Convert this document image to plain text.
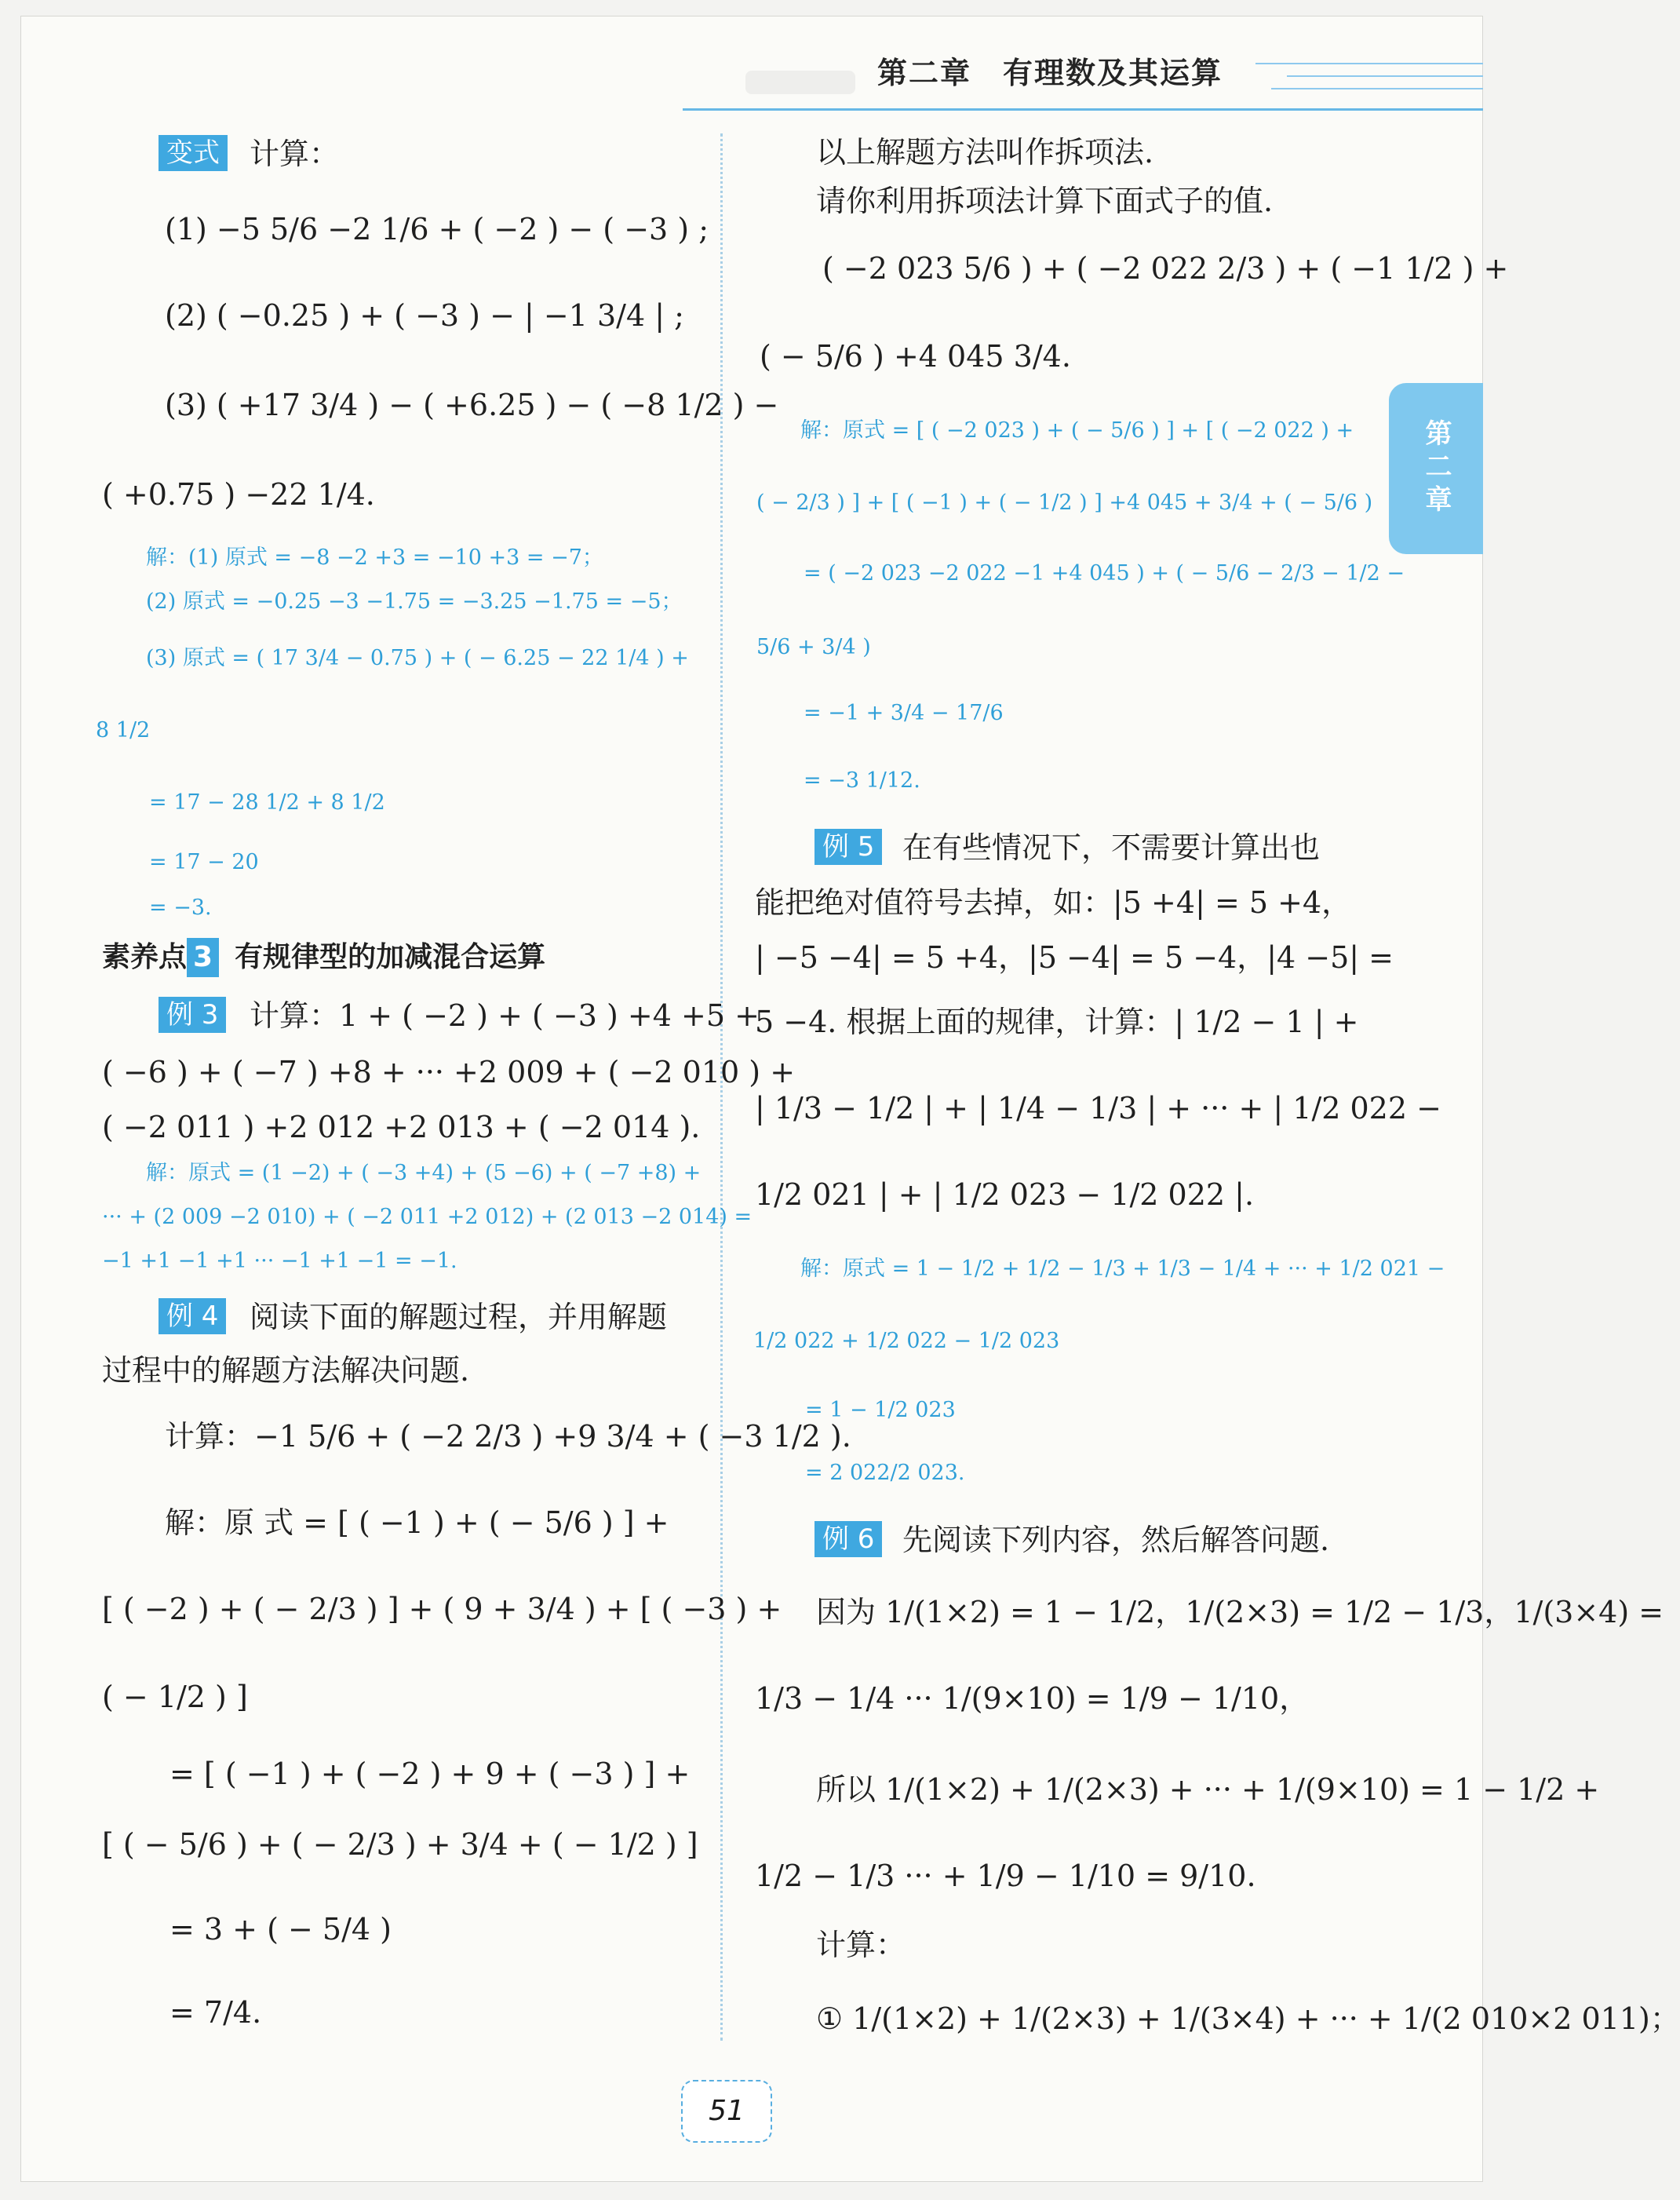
第二章　有理数及其运算
第二章
变式 计算：
(1) −5 5/6 −2 1/6 + ( −2 ) − ( −3 ) ;
(2) ( −0.25 ) + ( −3 ) − | −1 3/4 | ;
(3) ( +17 3/4 ) − ( +6.25 ) − ( −8 1/2 ) −
( +0.75 ) −22 1/4.
解：(1) 原式 = −8 −2 +3 = −10 +3 = −7；
(2) 原式 = −0.25 −3 −1.75 = −3.25 −1.75 = −5；
(3) 原式 = ( 17 3/4 − 0.75 ) + ( − 6.25 − 22 1/4 ) +
8 1/2
= 17 − 28 1/2 + 8 1/2
= 17 − 20
= −3.
素养点 3 有规律型的加减混合运算
例 3 计算：1 + ( −2 ) + ( −3 ) +4 +5 +
( −6 ) + ( −7 ) +8 + ··· +2 009 + ( −2 010 ) +
( −2 011 ) +2 012 +2 013 + ( −2 014 ).
解：原式 = (1 −2) + ( −3 +4) + (5 −6) + ( −7 +8) +
··· + (2 009 −2 010) + ( −2 011 +2 012) + (2 013 −2 014) =
−1 +1 −1 +1 ··· −1 +1 −1 = −1.
例 4 阅读下面的解题过程，并用解题
过程中的解题方法解决问题.
计算：−1 5/6 + ( −2 2/3 ) +9 3/4 + ( −3 1/2 ).
解：原 式 = [ ( −1 ) + ( − 5/6 ) ] +
[ ( −2 ) + ( − 2/3 ) ] + ( 9 + 3/4 ) + [ ( −3 ) +
( − 1/2 ) ]
= [ ( −1 ) + ( −2 ) + 9 + ( −3 ) ] +
[ ( − 5/6 ) + ( − 2/3 ) + 3/4 + ( − 1/2 ) ]
= 3 + ( − 5/4 )
= 7/4.
以上解题方法叫作拆项法.
请你利用拆项法计算下面式子的值.
( −2 023 5/6 ) + ( −2 022 2/3 ) + ( −1 1/2 ) +
( − 5/6 ) +4 045 3/4.
解：原式 = [ ( −2 023 ) + ( − 5/6 ) ] + [ ( −2 022 ) +
( − 2/3 ) ] + [ ( −1 ) + ( − 1/2 ) ] +4 045 + 3/4 + ( − 5/6 )
= ( −2 023 −2 022 −1 +4 045 ) + ( − 5/6 − 2/3 − 1/2 −
5/6 + 3/4 )
= −1 + 3/4 − 17/6
= −3 1/12.
例 5 在有些情况下，不需要计算出也
能把绝对值符号去掉，如：|5 +4| = 5 +4，
| −5 −4| = 5 +4，|5 −4| = 5 −4，|4 −5| =
5 −4. 根据上面的规律，计算：| 1/2 − 1 | +
| 1/3 − 1/2 | + | 1/4 − 1/3 | + ··· + | 1/2 022 −
1/2 021 | + | 1/2 023 − 1/2 022 |.
解：原式 = 1 − 1/2 + 1/2 − 1/3 + 1/3 − 1/4 + ··· + 1/2 021 −
1/2 022 + 1/2 022 − 1/2 023
= 1 − 1/2 023
= 2 022/2 023.
例 6 先阅读下列内容，然后解答问题.
因为 1/(1×2) = 1 − 1/2，1/(2×3) = 1/2 − 1/3，1/(3×4) =
1/3 − 1/4 ··· 1/(9×10) = 1/9 − 1/10，
所以 1/(1×2) + 1/(2×3) + ··· + 1/(9×10) = 1 − 1/2 +
1/2 − 1/3 ··· + 1/9 − 1/10 = 9/10.
计算：
① 1/(1×2) + 1/(2×3) + 1/(3×4) + ··· + 1/(2 010×2 011)；
51
